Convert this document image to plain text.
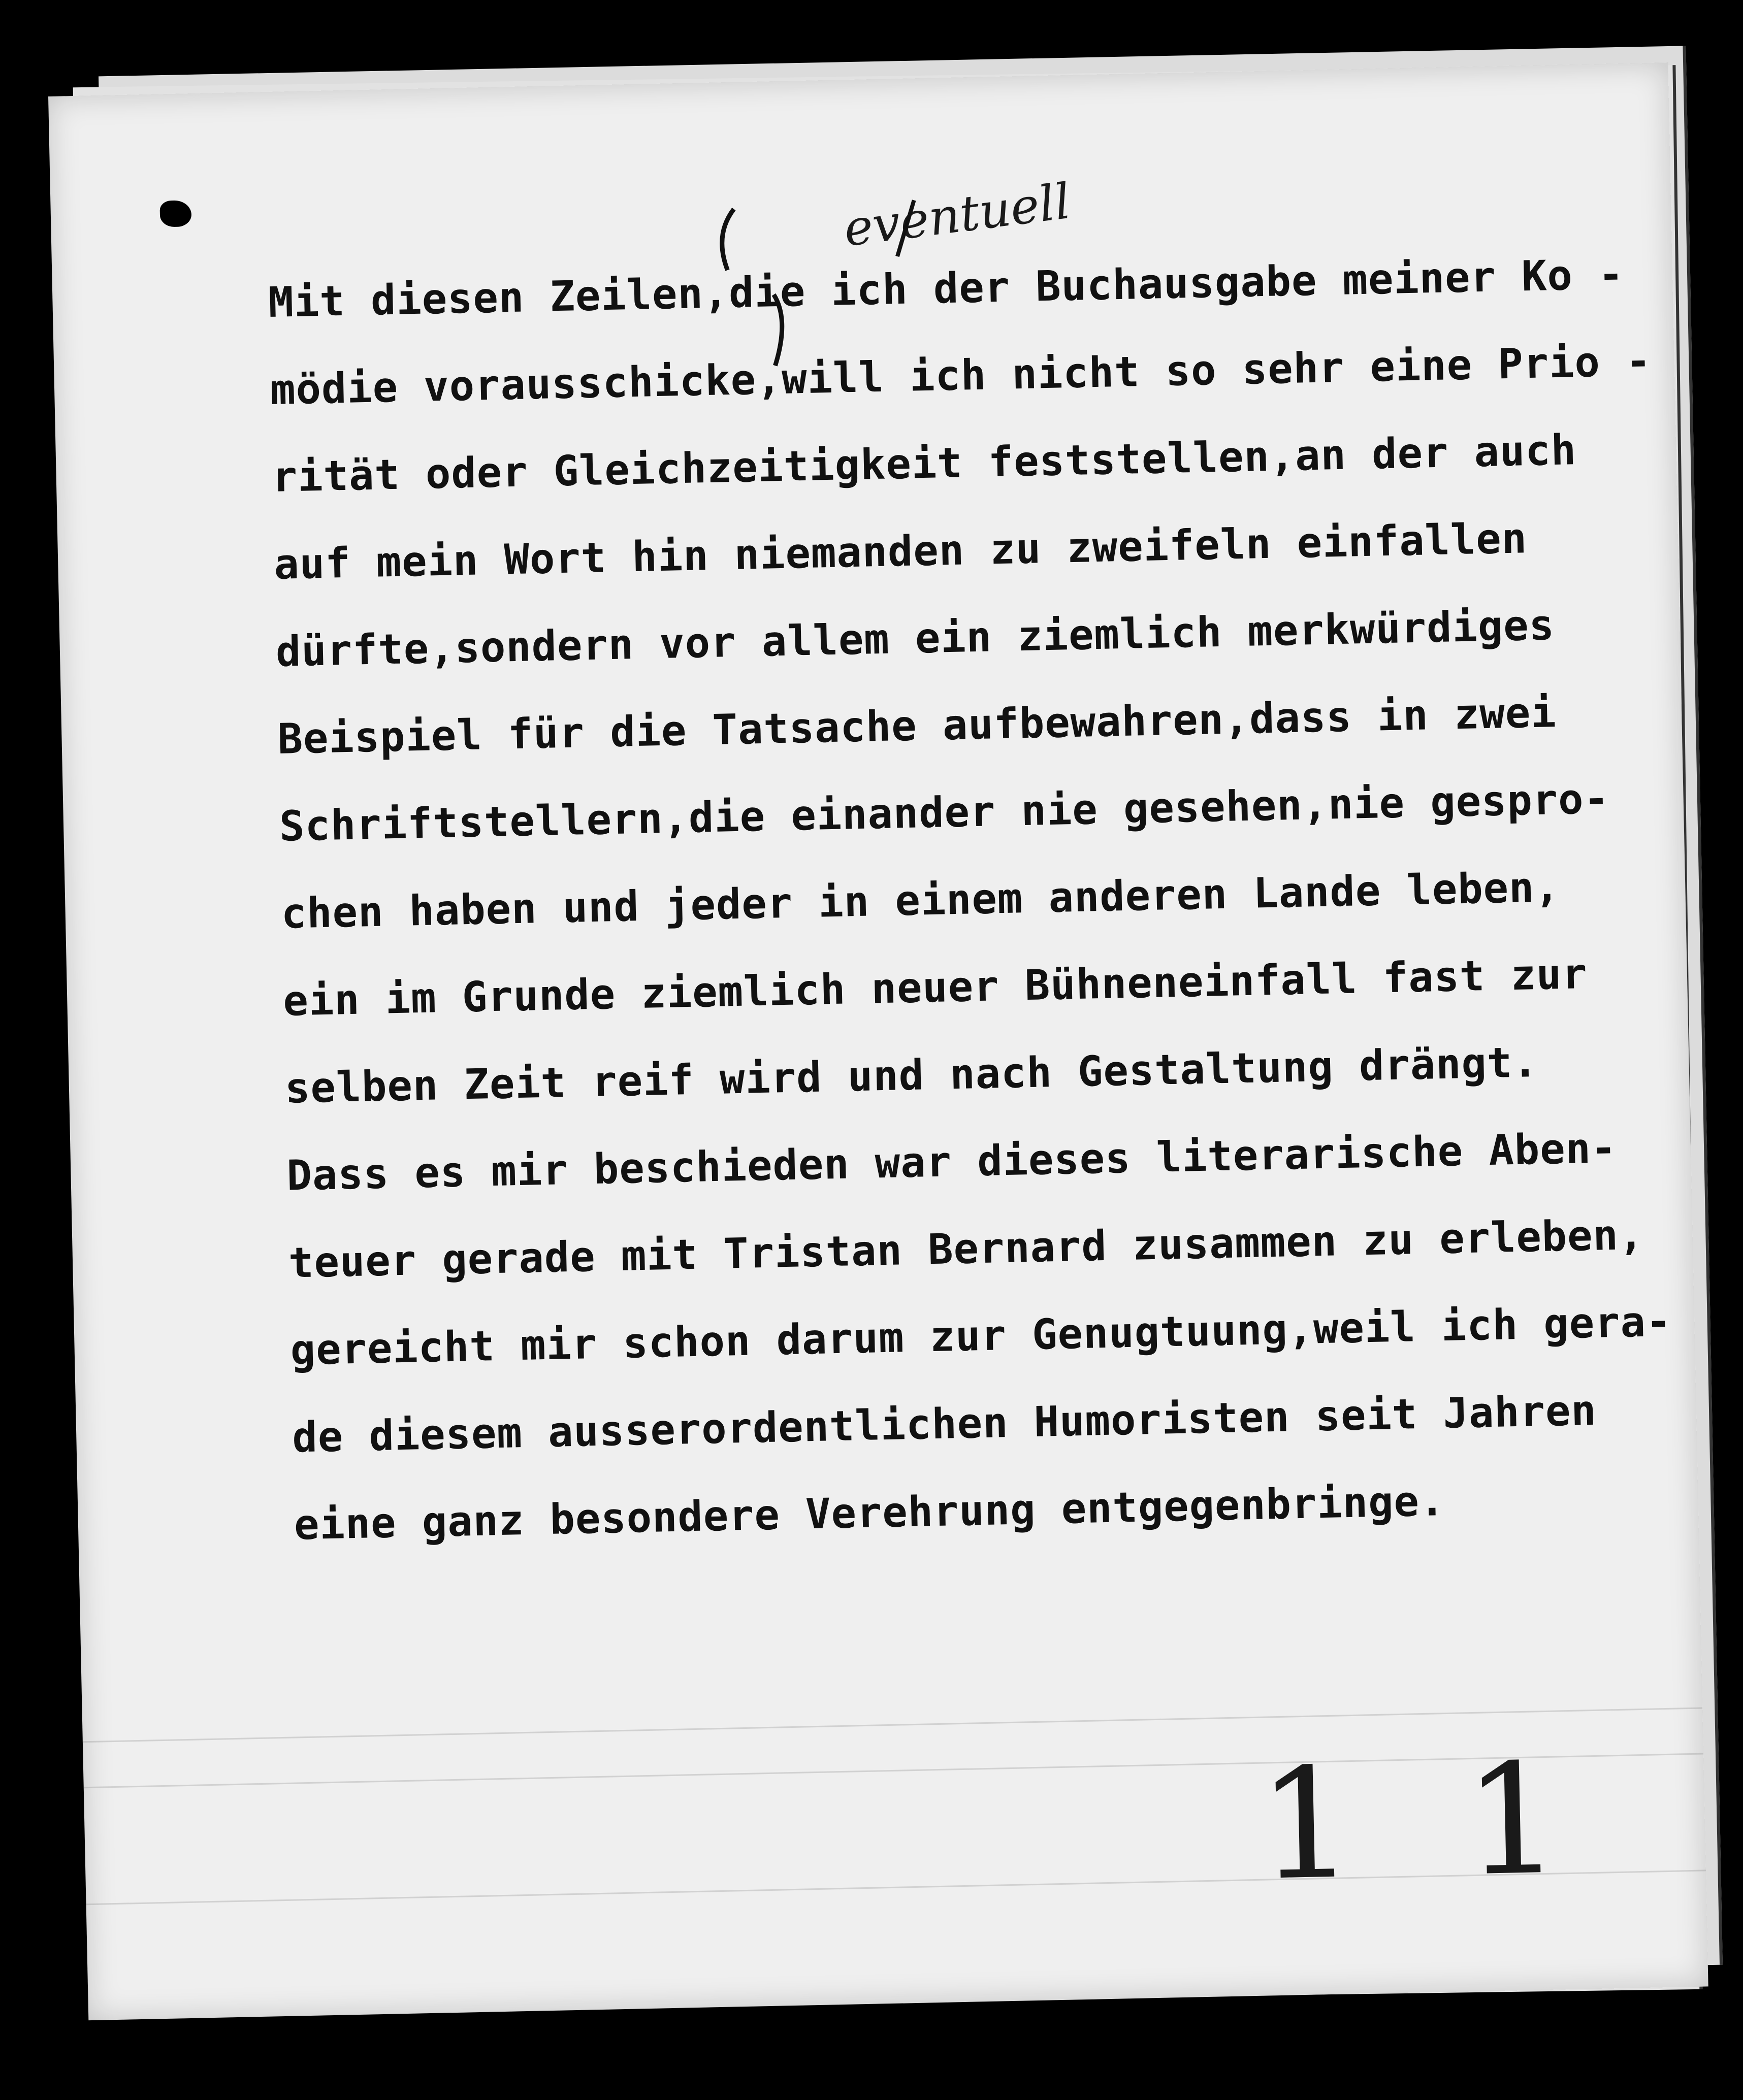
Mit diesen Zeilen,die ich der Buchausgabe meiner Ko -
mödie vorausschicke,will ich nicht so sehr eine Prio -
rität oder Gleichzeitigkeit feststellen,an der auch
auf mein Wort hin niemanden zu zweifeln einfallen
dürfte,sondern vor allem ein ziemlich merkwürdiges
Beispiel für die Tatsache aufbewahren,dass in zwei
Schriftstellern,die einander nie gesehen,nie gespro-
chen haben und jeder in einem anderen Lande leben,
ein im Grunde ziemlich neuer Bühneneinfall fast zur
selben Zeit reif wird und nach Gestaltung drängt.
Dass es mir beschieden war dieses literarische Aben-
teuer gerade mit Tristan Bernard zusammen zu erleben,
gereicht mir schon darum zur Genugtuung,weil ich gera-
de diesem ausserordentlichen Humoristen seit Jahren
eine ganz besondere Verehrung entgegenbringe.
eventuell
1 1
